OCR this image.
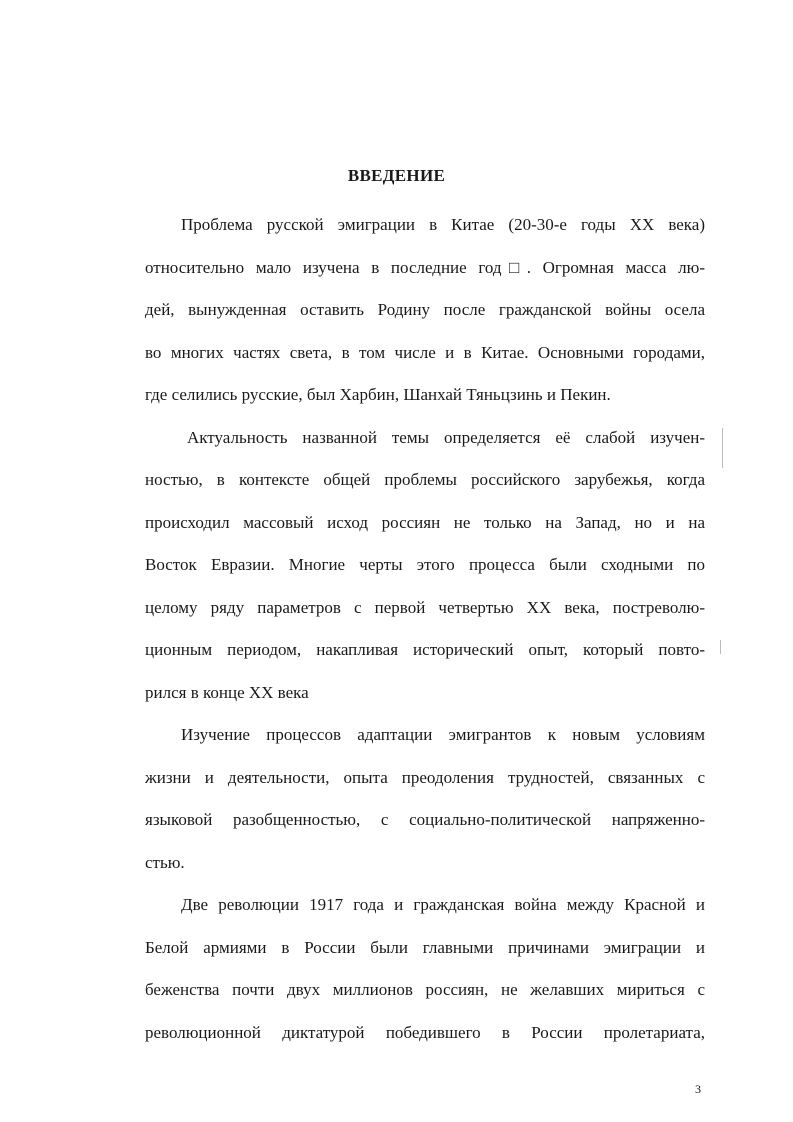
ВВЕДЕНИЕ
Проблема русской эмиграции в Китае (20-30-е годы XX века)
относительно мало изучена в последние год□. Огромная масса лю-
дей, вынужденная оставить Родину после гражданской войны осела
во многих частях света, в том числе и в Китае. Основными городами,
где селились русские, был Харбин, Шанхай Тяньцзинь и Пекин.
Актуальность названной темы определяется её слабой изучен-
ностью, в контексте общей проблемы российского зарубежья, когда
происходил массовый исход россиян не только на Запад, но и на
Восток Евразии. Многие черты этого процесса были сходными по
целому ряду параметров с первой четвертью XX века, постреволю-
ционным периодом, накапливая исторический опыт, который повто-
рился в конце XX века
Изучение процессов адаптации эмигрантов к новым условиям
жизни и деятельности, опыта преодоления трудностей, связанных с
языковой разобщенностью, с социально-политической напряженно-
стью.
Две революции 1917 года и гражданская война между Красной и
Белой армиями в России были главными причинами эмиграции и
беженства почти двух миллионов россиян, не желавших мириться с
революционной диктатурой победившего в России пролетариата,
3
